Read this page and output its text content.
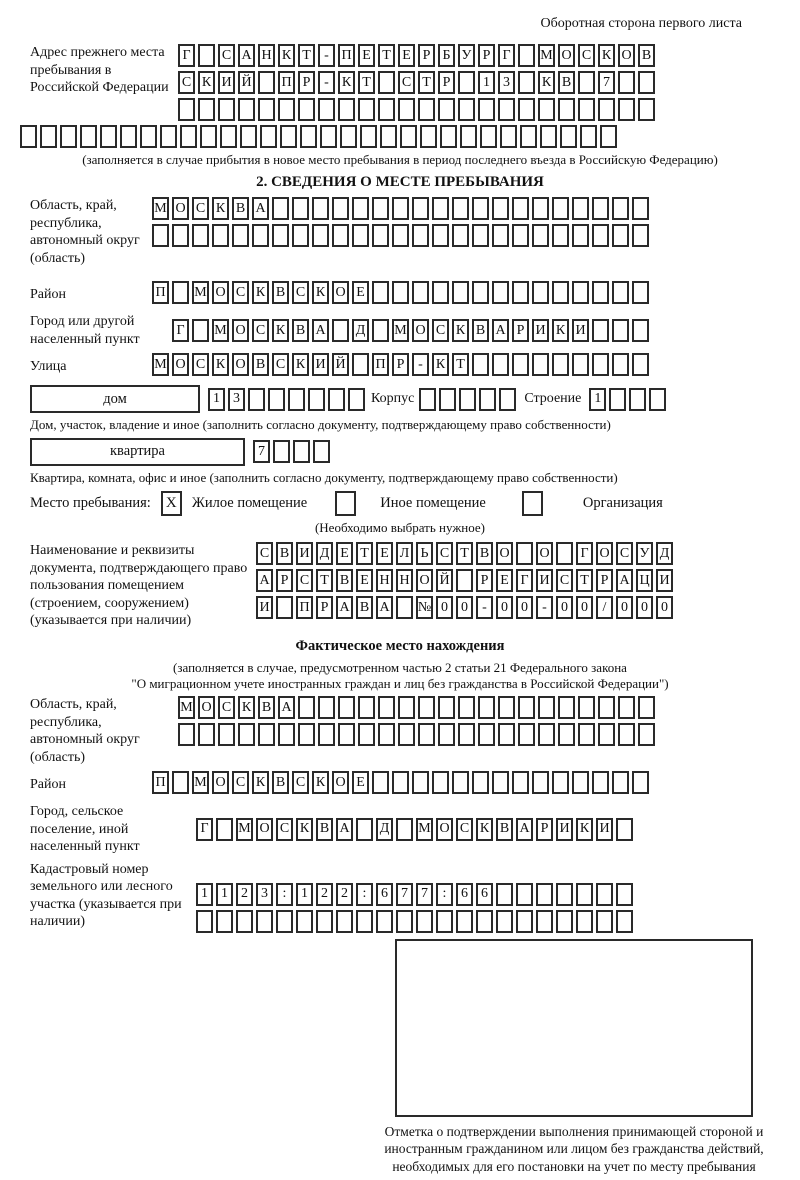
Оборотная сторона первого листа
Адрес прежнего места пребывания в Российской Федерации
Г	С А Н К Т - П Е Т Е Р Б У Р Г	М О С К О В
С К И Й П Р - К Т	С Т Р	1 3	К В	7
(заполняется в случае прибытия в новое место пребывания в период последнего въезда в Российскую Федерацию)
2. СВЕДЕНИЯ О МЕСТЕ ПРЕБЫВАНИЯ
Область, край, республика, автономный округ (область)
М О С К В А
Район	П М О С К В С К О Е
Город или другой населенный пункт
Г	М О С К В А Д М О С К В А Р И К И
Улица	М О С К О В С К И Й П Р - К Т
дом	1 3	Корпус	Строение 1
Дом, участок, владение и иное (заполнить согласно документу, подтверждающему право собственности)
квартира	7
Квартира, комната, офис и иное (заполнить согласно документу, подтверждающему право собственности)
Место пребывания:	X	Жилое помещение	Иное помещение	Организация
(Необходимо выбрать нужное)
Наименование и реквизиты документа, подтверждающего право пользования помещением (строением, сооружением) (указывается при наличии)
С В И Д Е Т Е Л Ь С Т В О О	Г О С У Д
А Р С Т В Е Н Н О Й	Р Е Г И С Т Р А Ц И
И П Р А В А № 0 0	-	0 0	-	0 0	/	0 0 0
Фактическое место нахождения
(заполняется в случае, предусмотренном частью 2 статьи 21 Федерального закона
"О миграционном учете иностранных граждан и лиц без гражданства в Российской Федерации")
Область, край, республика, автономный округ (область)
М О С К В А
Район	П М О С К В С К О Е
Город, сельское поселение, иной населенный пункт
Г	М О С К В А Д М О С К В А Р И К И
Кадастровый номер земельного или лесного участка (указывается при наличии)
1 1 2 3	:	1 2 2	:	6 7 7	:	6 6
Отметка о подтверждении выполнения принимающей стороной и иностранным гражданином или лицом без гражданства действий, необходимых для его постановки на учет по месту пребывания
